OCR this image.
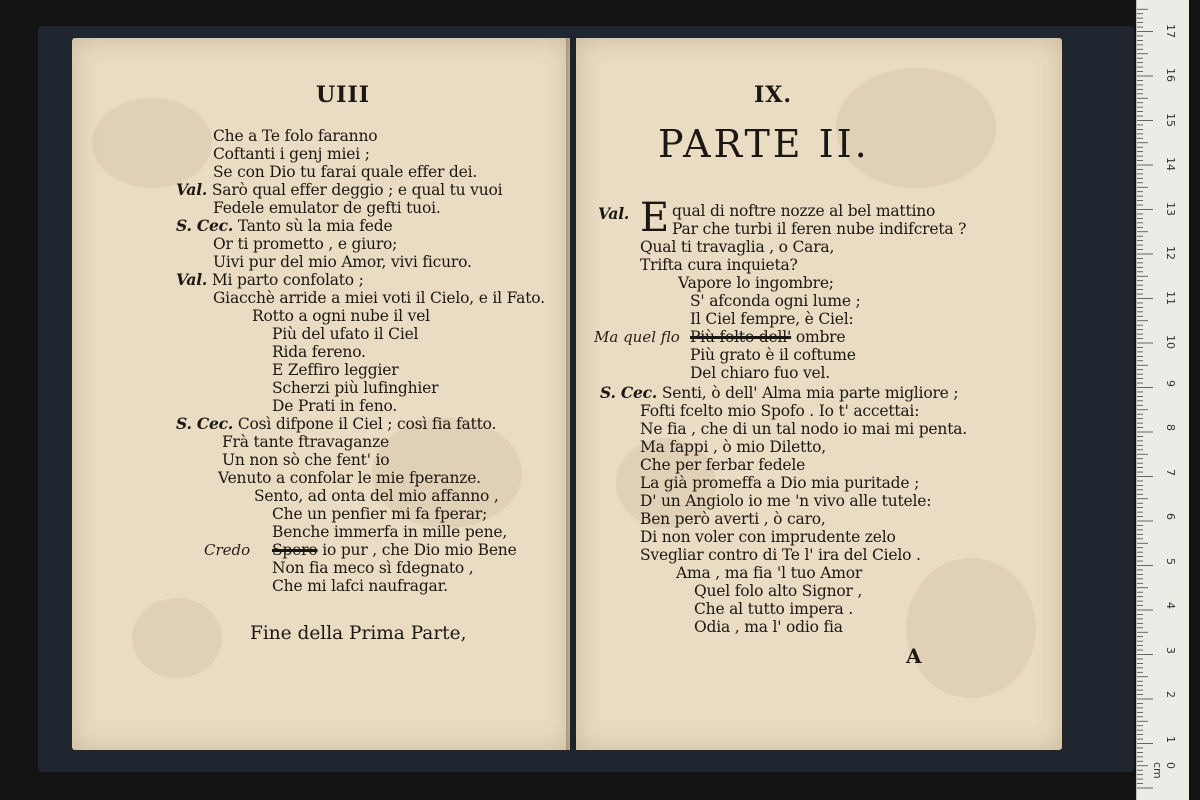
UIII
Che a Te folo faranno
Coftanti i genj miei ;
Se con Dio tu farai quale effer dei.
Val. Sarò qual effer deggio ; e qual tu vuoi
Fedele emulator de gefti tuoi.
S. Cec. Tanto sù la mia fede
Or ti prometto , e giuro;
Uivi pur del mio Amor, vivi ficuro.
Val. Mi parto confolato ;
Giacchè arride a miei voti il Cielo, e il Fato.
Rotto a ogni nube il vel
Più del ufato il Ciel
Rida fereno.
E Zeffiro leggier
Scherzi più lufinghier
De Prati in feno.
S. Cec. Così difpone il Ciel ; così fia fatto.
Frà tante ftravaganze
Un non sò che fent' io
Venuto a confolar le mie fperanze.
Sento, ad onta del mio affanno ,
Che un penfier mi fa fperar;
Benche immerfa in mille pene,
Credo Spero io pur , che Dio mio Bene
Non fia meco sì fdegnato ,
Che mi lafci naufragar.
Fine della Prima Parte,
IX.
PARTE II.
Val. E qual di noftre nozze al bel mattino
Par che turbi il feren nube indifcreta ?
Qual ti travaglia , o Cara,
Trifta cura inquieta?
Vapore lo ingombre;
S' afconda ogni lume ;
Il Ciel fempre, è Ciel:
Ma quel flo Più folto dell' ombre
Più grato è il coftume
Del chiaro fuo vel.
S. Cec. Senti, ò dell' Alma mia parte migliore ;
Fofti fcelto mio Spofo . Io t' accettai:
Ne fia , che di un tal nodo io mai mi penta.
Ma fappi , ò mio Diletto,
Che per ferbar fedele
La già promeffa a Dio mia puritade ;
D' un Angiolo io me 'n vivo alle tutele:
Ben però averti , ò caro,
Di non voler con imprudente zelo
Svegliar contro di Te l' ira del Cielo .
Ama , ma fia 'l tuo Amor
Quel folo alto Signor ,
Che al tutto impera .
Odia , ma l' odio fia
A
0 cm
1
2
3
4
5
6
7
8
9
10
11
12
13
14
15
16
17
